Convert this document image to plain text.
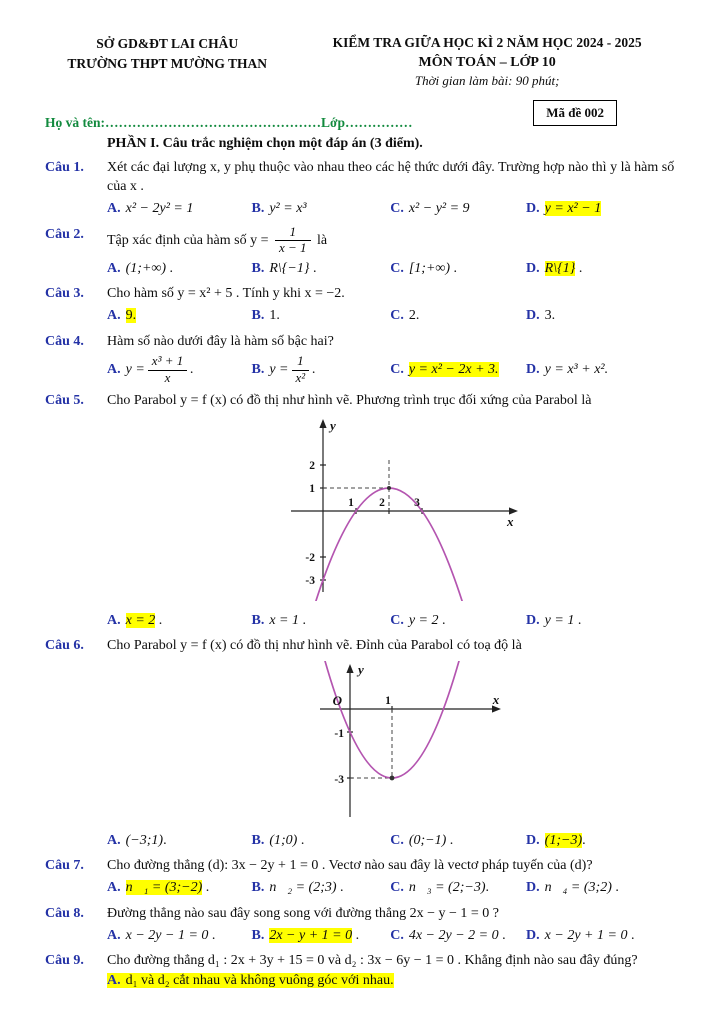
SỞ GD&ĐT LAI CHÂU
TRƯỜNG THPT MƯỜNG THAN
KIỂM TRA GIỮA HỌC KÌ 2 NĂM HỌC 2024 - 2025
MÔN TOÁN – LỚP 10
Thời gian làm bài: 90 phút;
Mã đề 002
Họ và tên:…………………………………………Lớp……………
PHẦN I. Câu trắc nghiệm chọn một đáp án (3 điểm).
Câu 1. Xét các đại lượng x, y phụ thuộc vào nhau theo các hệ thức dưới đây. Trường hợp nào thì y là hàm số của x .
A. x² − 2y² = 1	B. y² = x³	C. x² − y² = 9	D. y = x² − 1
Câu 2. Tập xác định của hàm số $y = \frac{1}{x - 1}$ là
A. (1;+∞) .	B. R\{−1} .	C. [1;+∞) .	D. R\{1} .
Câu 3. Cho hàm số y = x² + 5 . Tính y khi x = −2.
A. 9.	B. 1.	C. 2.	D. 3.
Câu 4. Hàm số nào dưới đây là hàm số bậc hai?
A. $y = \frac{\text{x³ + 1}}{x}$ .	B. $y = \frac{1}{\text{x²}}$ .	C. y = x² − 2x + 3.	D. y = x³ + x².
Câu 5. Cho Parabol y = f (x) có đồ thị như hình vẽ. Phương trình trục đối xứng của Parabol là
y
x
2
1
-2
-3
1 2	3
A. x = 2 .	B. x = 1 .	C. y = 2 .	D. y = 1 .
Câu 6. Cho Parabol y = f (x) có đồ thị như hình vẽ. Đỉnh của Parabol có toạ độ là
y
x
O	1
-1
-3
A. (−3;1).	B. (1;0) .	C. (0;−1) .	D. (1;−3).
Câu 7. Cho đường thẳng (d): 3x − 2y + 1 = 0 . Vectơ nào sau đây là vectơ pháp tuyến của (d)?
A. n⃗₁ = (3;−2) .	B. n⃗₂ = (2;3) .	C. n⃗₃ = (2;−3).	D. n⃗₄ = (3;2) .
Câu 8. Đường thẳng nào sau đây song song với đường thẳng 2x − y − 1 = 0 ?
A. x − 2y − 1 = 0 .	B. 2x − y + 1 = 0 .	C. 4x − 2y − 2 = 0 .	D. x − 2y + 1 = 0 .
Câu 9. Cho đường thẳng d₁ : 2x + 3y + 15 = 0 và d₂ : 3x − 6y − 1 = 0 . Khẳng định nào sau đây đúng?
A. d₁ và d₂ cắt nhau và không vuông góc với nhau.
